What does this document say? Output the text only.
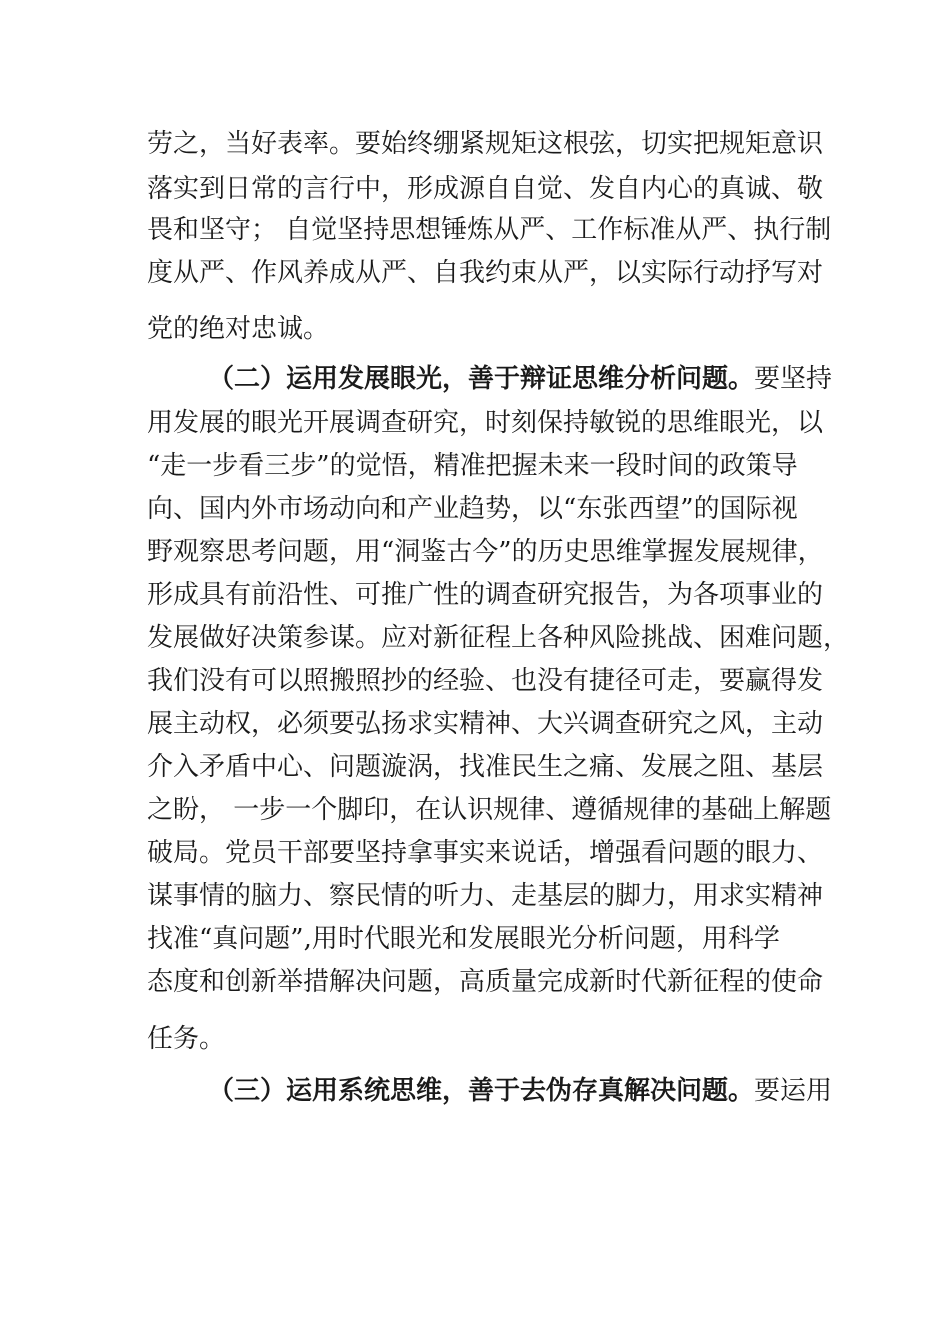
劳之，当好表率。要始终绷紧规矩这根弦，切实把规矩意识
落实到日常的言行中，形成源自自觉、发自内心的真诚、敬
畏和坚守； 自觉坚持思想锤炼从严、工作标准从严、执行制
度从严、作风养成从严、自我约束从严，以实际行动抒写对
党的绝对忠诚。
（二）运用发展眼光，善于辩证思维分析问题。要坚持
用发展的眼光开展调查研究，时刻保持敏锐的思维眼光，以
“走一步看三步”的觉悟，精准把握未来一段时间的政策导
向、国内外市场动向和产业趋势，以“东张西望”的国际视
野观察思考问题，用“洞鉴古今”的历史思维掌握发展规律，
形成具有前沿性、可推广性的调查研究报告，为各项事业的
发展做好决策参谋。应对新征程上各种风险挑战、困难问题，
我们没有可以照搬照抄的经验、也没有捷径可走，要赢得发
展主动权，必须要弘扬求实精神、大兴调查研究之风，主动
介入矛盾中心、问题漩涡，找准民生之痛、发展之阻、基层
之盼， 一步一个脚印，在认识规律、遵循规律的基础上解题
破局。党员干部要坚持拿事实来说话，增强看问题的眼力、
谋事情的脑力、察民情的听力、走基层的脚力，用求实精神
找准“真问题”,用时代眼光和发展眼光分析问题，用科学
态度和创新举措解决问题，高质量完成新时代新征程的使命
任务。
（三）运用系统思维，善于去伪存真解决问题。要运用
